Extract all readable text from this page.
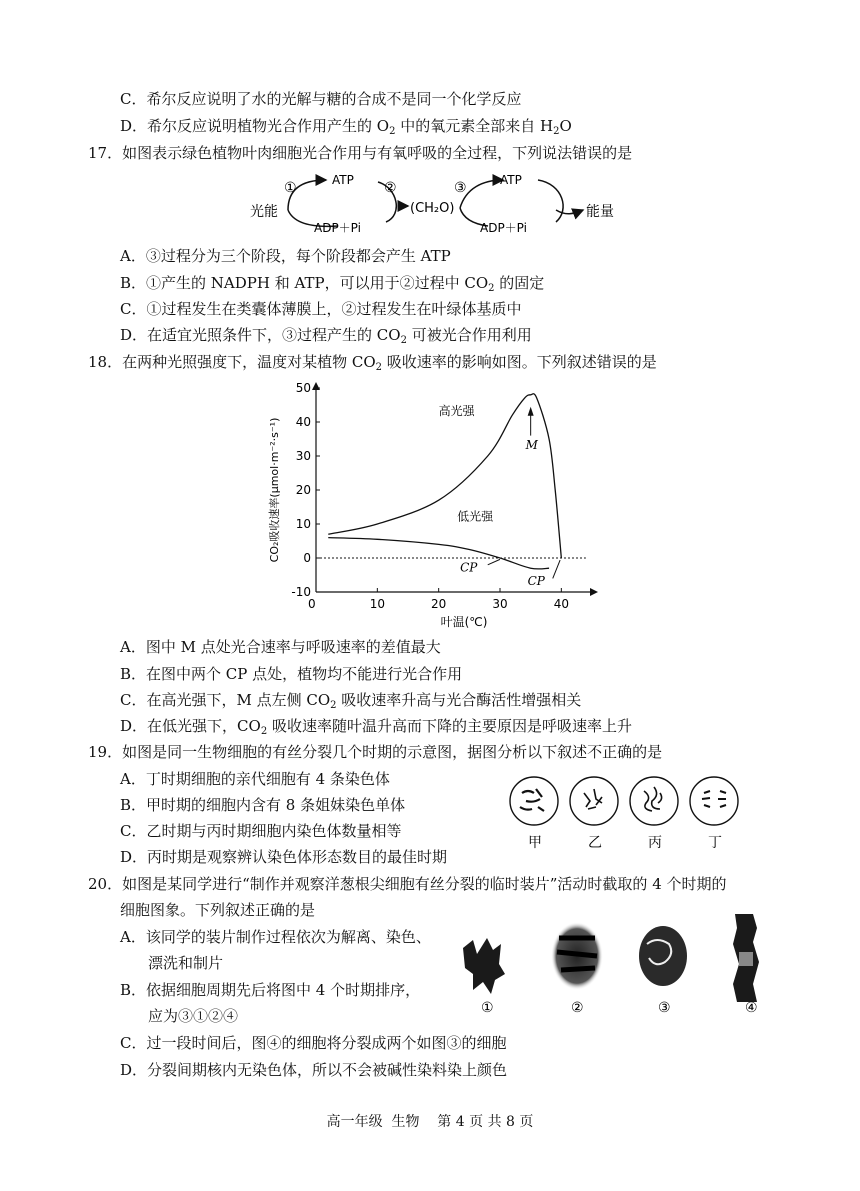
C．希尔反应说明了水的光解与糖的合成不是同一个化学反应
D．希尔反应说明植物光合作用产生的 $O_2$ 中的氧元素全部来自 $H_2O$
17．如图表示绿色植物叶肉细胞光合作用与有氧呼吸的全过程，下列说法错误的是
光能
①	ATP
ADP＋Pi
②
(CH₂O)
③	ATP
ADP＋Pi
能量
A．③过程分为三个阶段，每个阶段都会产生 ATP
B．①产生的 NADPH 和 ATP，可以用于②过程中 $CO_2$ 的固定
C．①过程发生在类囊体薄膜上，②过程发生在叶绿体基质中
D．在适宜光照条件下，③过程产生的 $CO_2$ 可被光合作用利用
18．在两种光照强度下，温度对某植物 $CO_2$ 吸收速率的影响如图。下列叙述错误的是
-10
0
10
20
30
40
50
10	20	30	40
叶温(℃)
CO₂吸收速率(μmol·m⁻²·s⁻¹)
0
高光强
低光强
M
CP
CP
A．图中 M 点处光合速率与呼吸速率的差值最大
B．在图中两个 CP 点处，植物均不能进行光合作用
C．在高光强下，M 点左侧 $CO_2$ 吸收速率升高与光合酶活性增强相关
D．在低光强下，$CO_2$ 吸收速率随叶温升高而下降的主要原因是呼吸速率上升
19．如图是同一生物细胞的有丝分裂几个时期的示意图，据图分析以下叙述不正确的是
A．丁时期细胞的亲代细胞有 4 条染色体
B．甲时期的细胞内含有 8 条姐妹染色单体
C．乙时期与丙时期细胞内染色体数量相等
D．丙时期是观察辨认染色体形态数目的最佳时期
甲	乙	丙	丁
20．如图是某同学进行“制作并观察洋葱根尖细胞有丝分裂的临时装片”活动时截取的 4 个时期的
细胞图象。下列叙述正确的是
A．该同学的装片制作过程依次为解离、染色、
漂洗和制片
B．依据细胞周期先后将图中 4 个时期排序，
应为③①②④
C．过一段时间后，图④的细胞将分裂成两个如图③的细胞
D．分裂间期核内无染色体，所以不会被碱性染料染上颜色
①	②	③	④
高一年级  生物    第 4 页 共 8 页
